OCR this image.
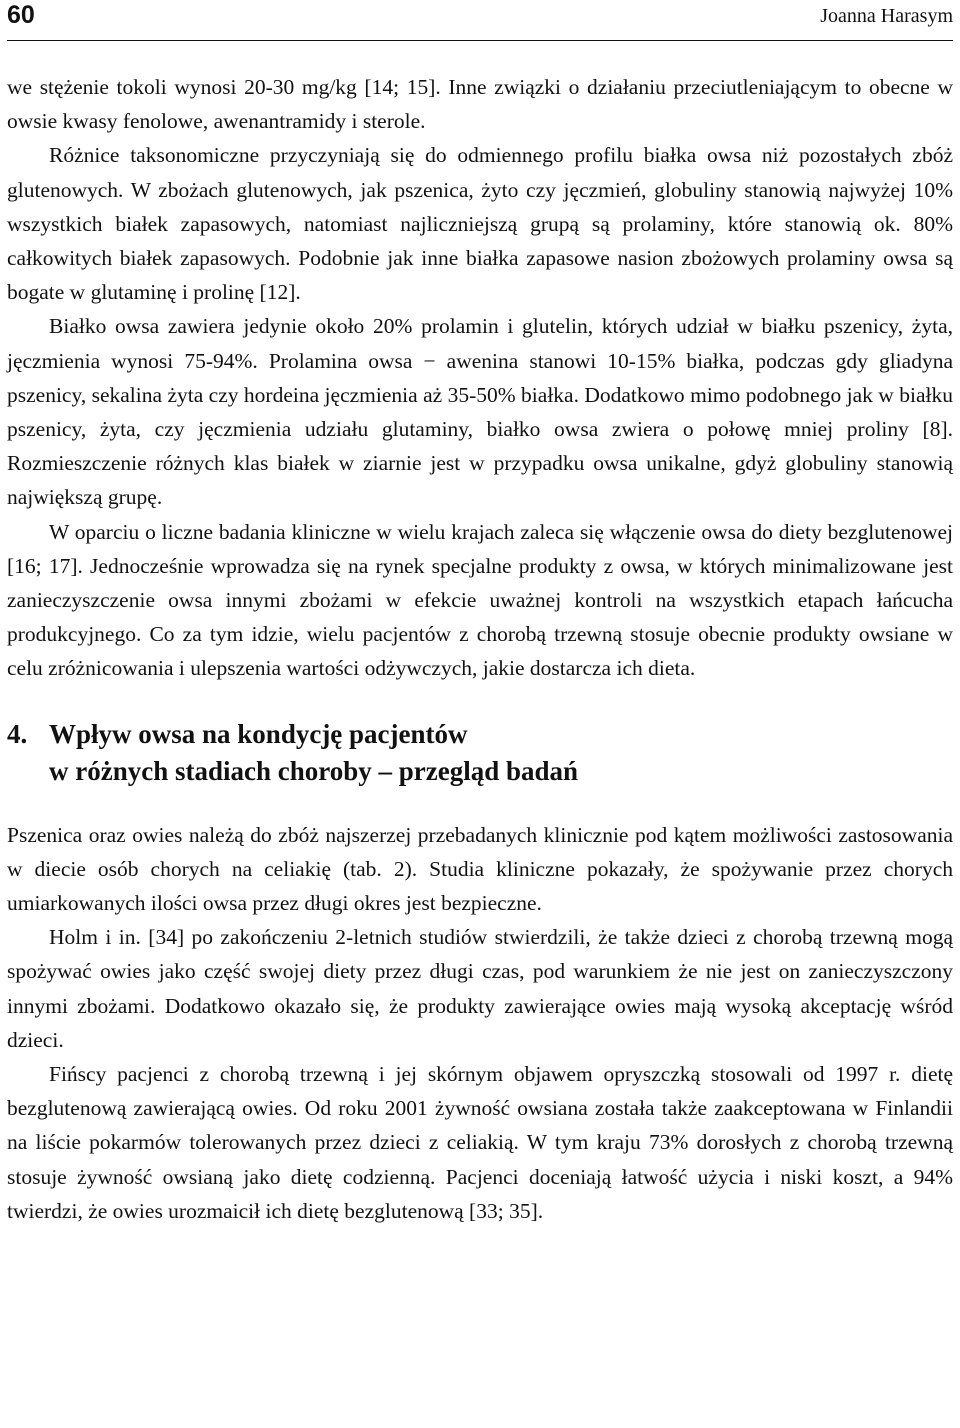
60	Joanna Harasym

we stężenie tokoli wynosi 20-30 mg/kg [14; 15]. Inne związki o działaniu przeciutleniającym to obecne w owsie kwasy fenolowe, awenantramidy i sterole.

Różnice taksonomiczne przyczyniają się do odmiennego profilu białka owsa niż pozostałych zbóż glutenowych. W zbożach glutenowych, jak pszenica, żyto czy jęczmień, globuliny stanowią najwyżej 10% wszystkich białek zapasowych, natomiast najliczniejszą grupą są prolaminy, które stanowią ok. 80% całkowitych białek zapasowych. Podobnie jak inne białka zapasowe nasion zbożowych prolaminy owsa są bogate w glutaminę i prolinę [12].

Białko owsa zawiera jedynie około 20% prolamin i glutelin, których udział w białku pszenicy, żyta, jęczmienia wynosi 75-94%. Prolamina owsa − awenina stanowi 10-15% białka, podczas gdy gliadyna pszenicy, sekalina żyta czy hordeina jęczmienia aż 35-50% białka. Dodatkowo mimo podobnego jak w białku pszenicy, żyta, czy jęczmienia udziału glutaminy, białko owsa zwiera o połowę mniej proliny [8]. Rozmieszczenie różnych klas białek w ziarnie jest w przypadku owsa unikalne, gdyż globuliny stanowią największą grupę.

W oparciu o liczne badania kliniczne w wielu krajach zaleca się włączenie owsa do diety bezglutenowej [16; 17]. Jednocześnie wprowadza się na rynek specjalne produkty z owsa, w których minimalizowane jest zanieczyszczenie owsa innymi zbożami w efekcie uważnej kontroli na wszystkich etapach łańcucha produkcyjnego. Co za tym idzie, wielu pacjentów z chorobą trzewną stosuje obecnie produkty owsiane w celu zróżnicowania i ulepszenia wartości odżywczych, jakie dostarcza ich dieta.

4. Wpływ owsa na kondycję pacjentów
w różnych stadiach choroby – przegląd badań

Pszenica oraz owies należą do zbóż najszerzej przebadanych klinicznie pod kątem możliwości zastosowania w diecie osób chorych na celiakię (tab. 2). Studia kliniczne pokazały, że spożywanie przez chorych umiarkowanych ilości owsa przez długi okres jest bezpieczne.

Holm i in. [34] po zakończeniu 2-letnich studiów stwierdzili, że także dzieci z chorobą trzewną mogą spożywać owies jako część swojej diety przez długi czas, pod warunkiem że nie jest on zanieczyszczony innymi zbożami. Dodatkowo okazało się, że produkty zawierające owies mają wysoką akceptację wśród dzieci.

Fińscy pacjenci z chorobą trzewną i jej skórnym objawem opryszczką stosowali od 1997 r. dietę bezglutenową zawierającą owies. Od roku 2001 żywność owsiana została także zaakceptowana w Finlandii na liście pokarmów tolerowanych przez dzieci z celiakią. W tym kraju 73% dorosłych z chorobą trzewną stosuje żywność owsianą jako dietę codzienną. Pacjenci doceniają łatwość użycia i niski koszt, a 94% twierdzi, że owies urozmaicił ich dietę bezglutenową [33; 35].
